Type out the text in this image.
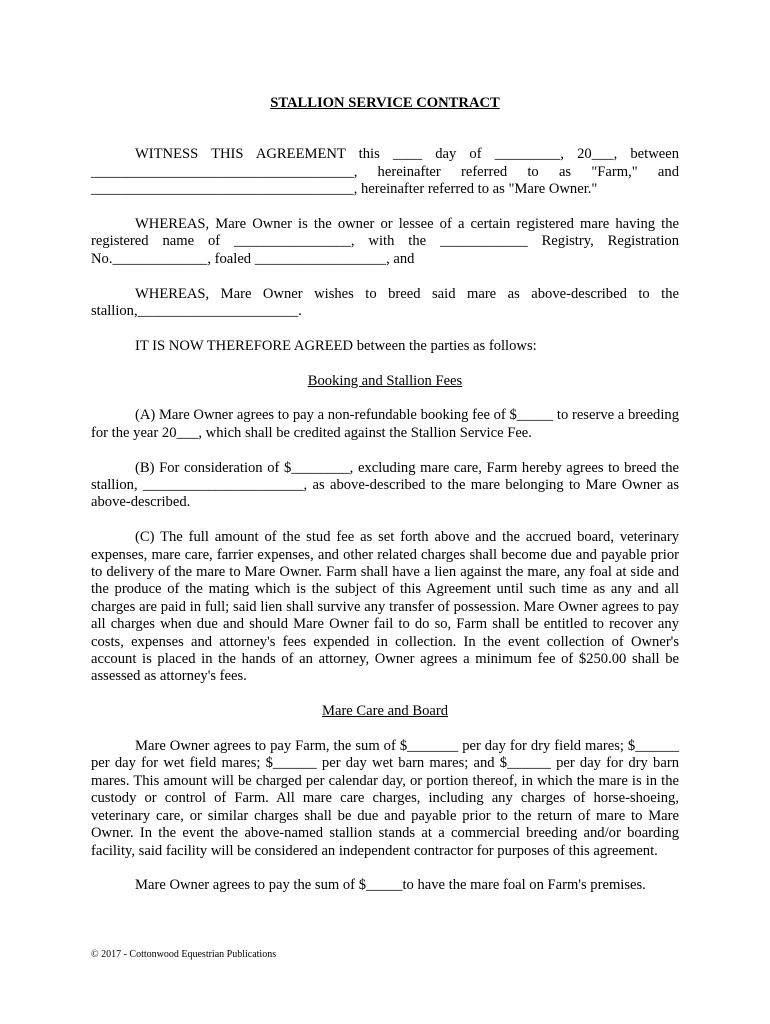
STALLION SERVICE CONTRACT

WITNESS THIS AGREEMENT this ____ day of _________, 20___, between ____________________________________, hereinafter referred to as "Farm," and ____________________________________, hereinafter referred to as "Mare Owner."

WHEREAS, Mare Owner is the owner or lessee of a certain registered mare having the registered name of ________________, with the ____________ Registry, Registration No._____________, foaled __________________, and

WHEREAS, Mare Owner wishes to breed said mare as above-described to the stallion,______________________.

IT IS NOW THEREFORE AGREED between the parties as follows:

Booking and Stallion Fees

(A) Mare Owner agrees to pay a non-refundable booking fee of $_____ to reserve a breeding for the year 20___, which shall be credited against the Stallion Service Fee.

(B) For consideration of $________, excluding mare care, Farm hereby agrees to breed the stallion, ______________________, as above-described to the mare belonging to Mare Owner as above-described.

(C) The full amount of the stud fee as set forth above and the accrued board, veterinary expenses, mare care, farrier expenses, and other related charges shall become due and payable prior to delivery of the mare to Mare Owner. Farm shall have a lien against the mare, any foal at side and the produce of the mating which is the subject of this Agreement until such time as any and all charges are paid in full; said lien shall survive any transfer of possession. Mare Owner agrees to pay all charges when due and should Mare Owner fail to do so, Farm shall be entitled to recover any costs, expenses and attorney's fees expended in collection. In the event collection of Owner's account is placed in the hands of an attorney, Owner agrees a minimum fee of $250.00 shall be assessed as attorney's fees.

Mare Care and Board

Mare Owner agrees to pay Farm, the sum of $_______ per day for dry field mares; $______ per day for wet field mares; $______ per day wet barn mares; and $______ per day for dry barn mares. This amount will be charged per calendar day, or portion thereof, in which the mare is in the custody or control of Farm. All mare care charges, including any charges of horse-shoeing, veterinary care, or similar charges shall be due and payable prior to the return of mare to Mare Owner. In the event the above-named stallion stands at a commercial breeding and/or boarding facility, said facility will be considered an independent contractor for purposes of this agreement.

Mare Owner agrees to pay the sum of $_____to have the mare foal on Farm's premises.

© 2017 - Cottonwood Equestrian Publications
